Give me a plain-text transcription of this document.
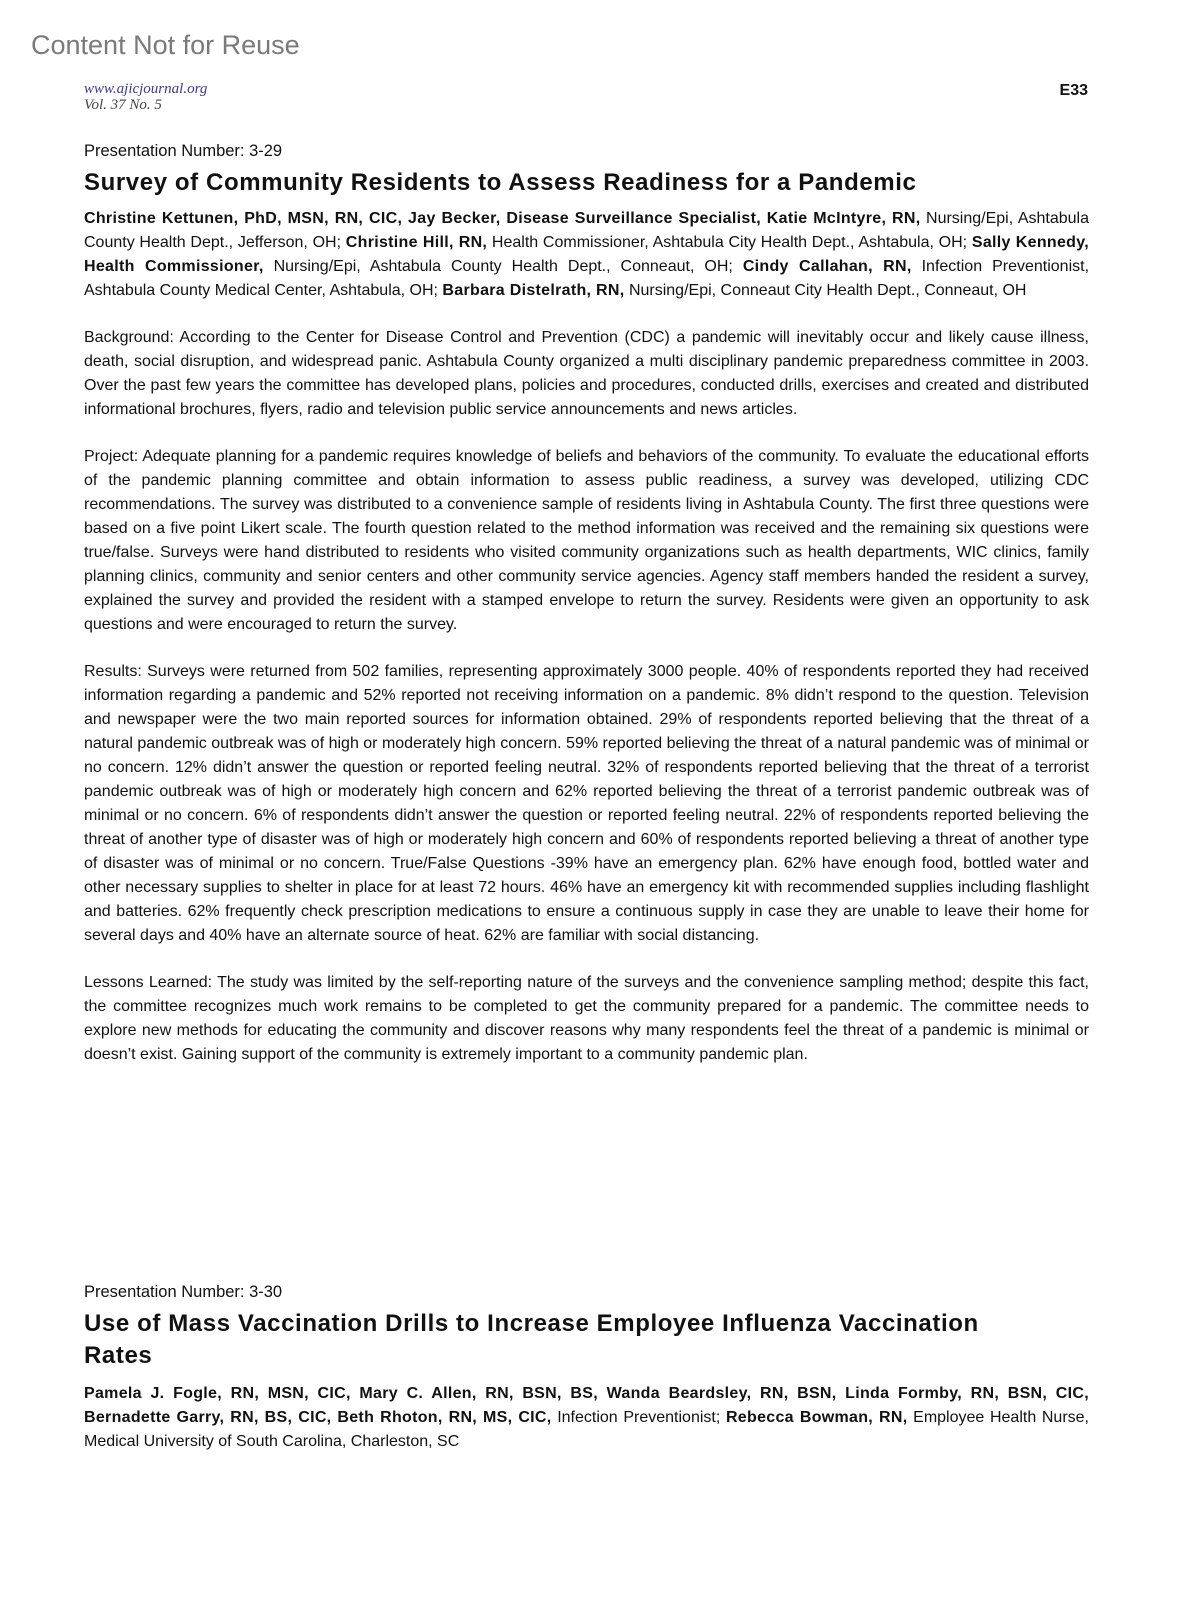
Content Not for Reuse
www.ajicjournal.org
Vol. 37 No. 5
E33
Presentation Number: 3-29
Survey of Community Residents to Assess Readiness for a Pandemic
Christine Kettunen, PhD, MSN, RN, CIC, Jay Becker, Disease Surveillance Specialist, Katie McIntyre, RN, Nursing/Epi, Ashtabula County Health Dept., Jefferson, OH; Christine Hill, RN, Health Commissioner, Ashtabula City Health Dept., Ashtabula, OH; Sally Kennedy, Health Commissioner, Nursing/Epi, Ashtabula County Health Dept., Conneaut, OH; Cindy Callahan, RN, Infection Preventionist, Ashtabula County Medical Center, Ashtabula, OH; Barbara Distelrath, RN, Nursing/Epi, Conneaut City Health Dept., Conneaut, OH
Background: According to the Center for Disease Control and Prevention (CDC) a pandemic will inevitably occur and likely cause illness, death, social disruption, and widespread panic. Ashtabula County organized a multi disciplinary pandemic preparedness committee in 2003. Over the past few years the committee has developed plans, policies and procedures, conducted drills, exercises and created and distributed informational brochures, flyers, radio and television public service announcements and news articles.
Project: Adequate planning for a pandemic requires knowledge of beliefs and behaviors of the community. To evaluate the educational efforts of the pandemic planning committee and obtain information to assess public readiness, a survey was developed, utilizing CDC recommendations. The survey was distributed to a convenience sample of residents living in Ashtabula County. The first three questions were based on a five point Likert scale. The fourth question related to the method information was received and the remaining six questions were true/false. Surveys were hand distributed to residents who visited community organizations such as health departments, WIC clinics, family planning clinics, community and senior centers and other community service agencies. Agency staff members handed the resident a survey, explained the survey and provided the resident with a stamped envelope to return the survey. Residents were given an opportunity to ask questions and were encouraged to return the survey.
Results: Surveys were returned from 502 families, representing approximately 3000 people. 40% of respondents reported they had received information regarding a pandemic and 52% reported not receiving information on a pandemic. 8% didn’t respond to the question. Television and newspaper were the two main reported sources for information obtained. 29% of respondents reported believing that the threat of a natural pandemic outbreak was of high or moderately high concern. 59% reported believing the threat of a natural pandemic was of minimal or no concern. 12% didn’t answer the question or reported feeling neutral. 32% of respondents reported believing that the threat of a terrorist pandemic outbreak was of high or moderately high concern and 62% reported believing the threat of a terrorist pandemic outbreak was of minimal or no concern. 6% of respondents didn’t answer the question or reported feeling neutral. 22% of respondents reported believing the threat of another type of disaster was of high or moderately high concern and 60% of respondents reported believing a threat of another type of disaster was of minimal or no concern. True/False Questions -39% have an emergency plan. 62% have enough food, bottled water and other necessary supplies to shelter in place for at least 72 hours. 46% have an emergency kit with recommended supplies including flashlight and batteries. 62% frequently check prescription medications to ensure a continuous supply in case they are unable to leave their home for several days and 40% have an alternate source of heat. 62% are familiar with social distancing.
Lessons Learned: The study was limited by the self-reporting nature of the surveys and the convenience sampling method; despite this fact, the committee recognizes much work remains to be completed to get the community prepared for a pandemic. The committee needs to explore new methods for educating the community and discover reasons why many respondents feel the threat of a pandemic is minimal or doesn’t exist. Gaining support of the community is extremely important to a community pandemic plan.
Presentation Number: 3-30
Use of Mass Vaccination Drills to Increase Employee Influenza Vaccination Rates
Pamela J. Fogle, RN, MSN, CIC, Mary C. Allen, RN, BSN, BS, Wanda Beardsley, RN, BSN, Linda Formby, RN, BSN, CIC, Bernadette Garry, RN, BS, CIC, Beth Rhoton, RN, MS, CIC, Infection Preventionist; Rebecca Bowman, RN, Employee Health Nurse, Medical University of South Carolina, Charleston, SC
